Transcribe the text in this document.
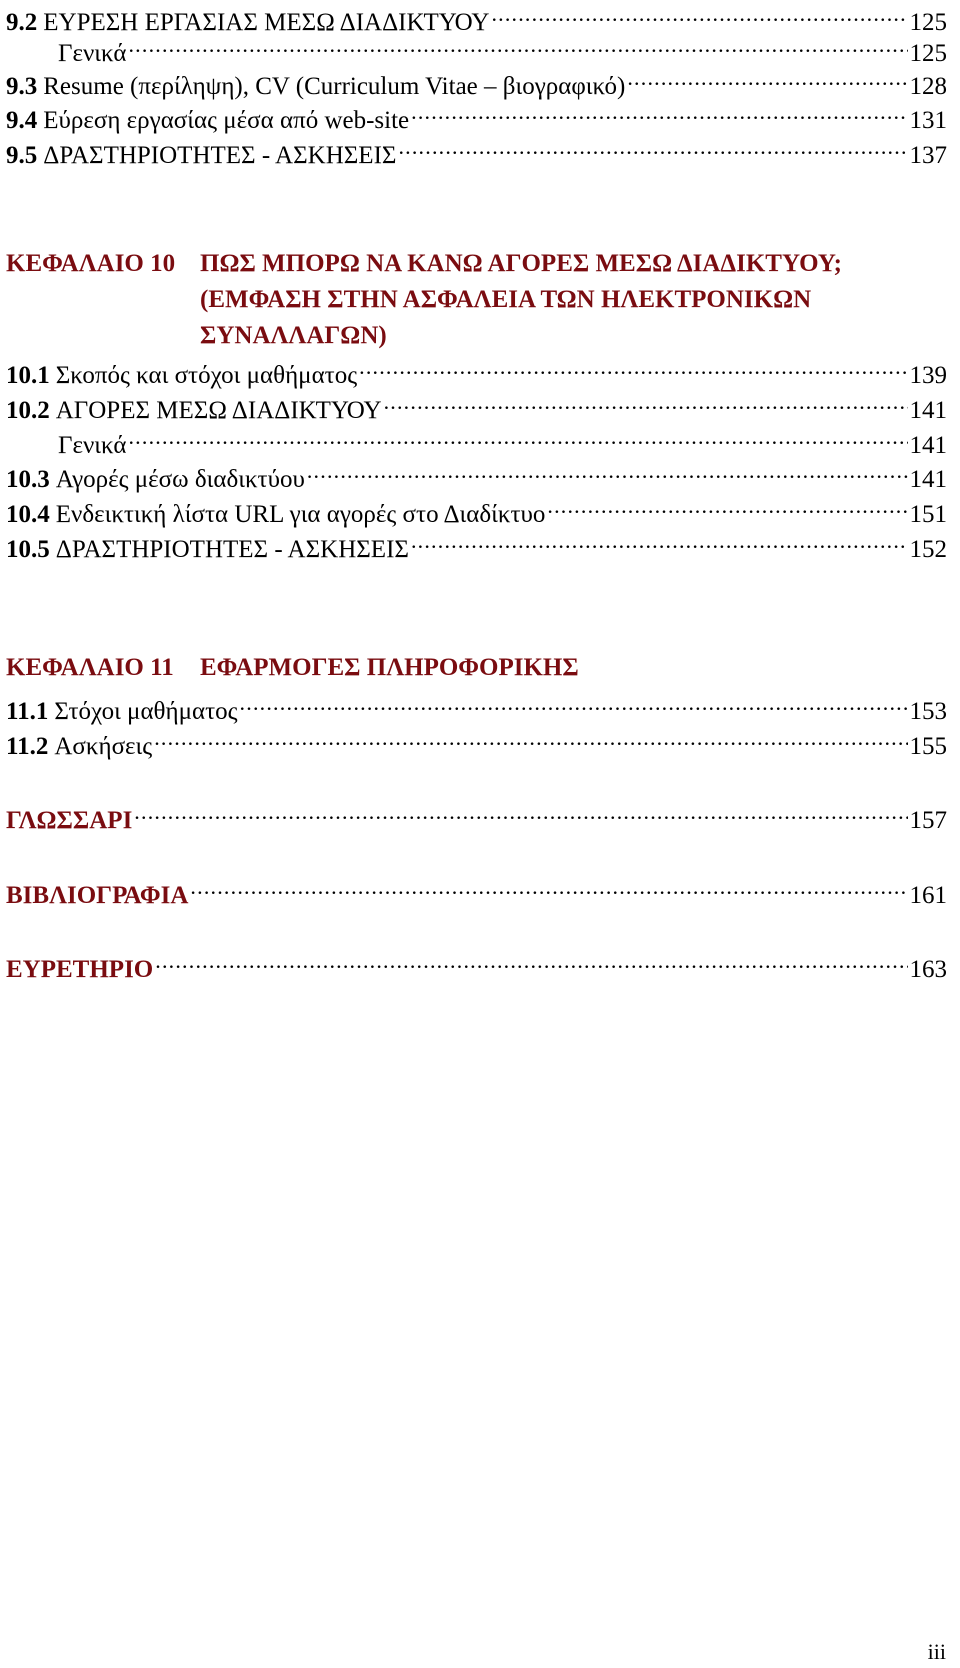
9.2 ΕΥΡΕΣΗ ΕΡΓΑΣΙΑΣ ΜΕΣΩ ΔΙΑΔΙΚΤΥΟΥ .....	125
Γενικά .....	125
9.3 Resume (περίληψη), CV (Curriculum Vitae – βιογραφικό) .....	128
9.4 Εύρεση εργασίας μέσα από web-site .....	131
9.5 ΔΡΑΣΤΗΡΙΟΤΗΤΕΣ - ΑΣΚΗΣΕΙΣ .....	137
ΚΕΦΑΛΑΙΟ 10 ΠΩΣ ΜΠΟΡΩ ΝΑ ΚΑΝΩ ΑΓΟΡΕΣ ΜΕΣΩ ΔΙΑΔΙΚΤΥΟΥ;
(ΕΜΦΑΣΗ ΣΤΗΝ ΑΣΦΑΛΕΙΑ ΤΩΝ ΗΛΕΚΤΡΟΝΙΚΩΝ
ΣΥΝΑΛΛΑΓΩΝ)
10.1 Σκοπός και στόχοι μαθήματος .....	139
10.2 ΑΓΟΡΕΣ ΜΕΣΩ ΔΙΑΔΙΚΤΥΟΥ .....	141
Γενικά .....	141
10.3 Αγορές μέσω διαδικτύου .....	141
10.4 Ενδεικτική λίστα URL για αγορές στο Διαδίκτυο .....	151
10.5 ΔΡΑΣΤΗΡΙΟΤΗΤΕΣ - ΑΣΚΗΣΕΙΣ .....	152
ΚΕΦΑΛΑΙΟ 11 ΕΦΑΡΜΟΓΕΣ ΠΛΗΡΟΦΟΡΙΚΗΣ
11.1 Στόχοι μαθήματος .....	153
11.2 Ασκήσεις .....	155
ΓΛΩΣΣΑΡΙ .....	157
ΒΙΒΛΙΟΓΡΑΦΙΑ .....	161
ΕΥΡΕΤΗΡΙΟ .....	163
iii
